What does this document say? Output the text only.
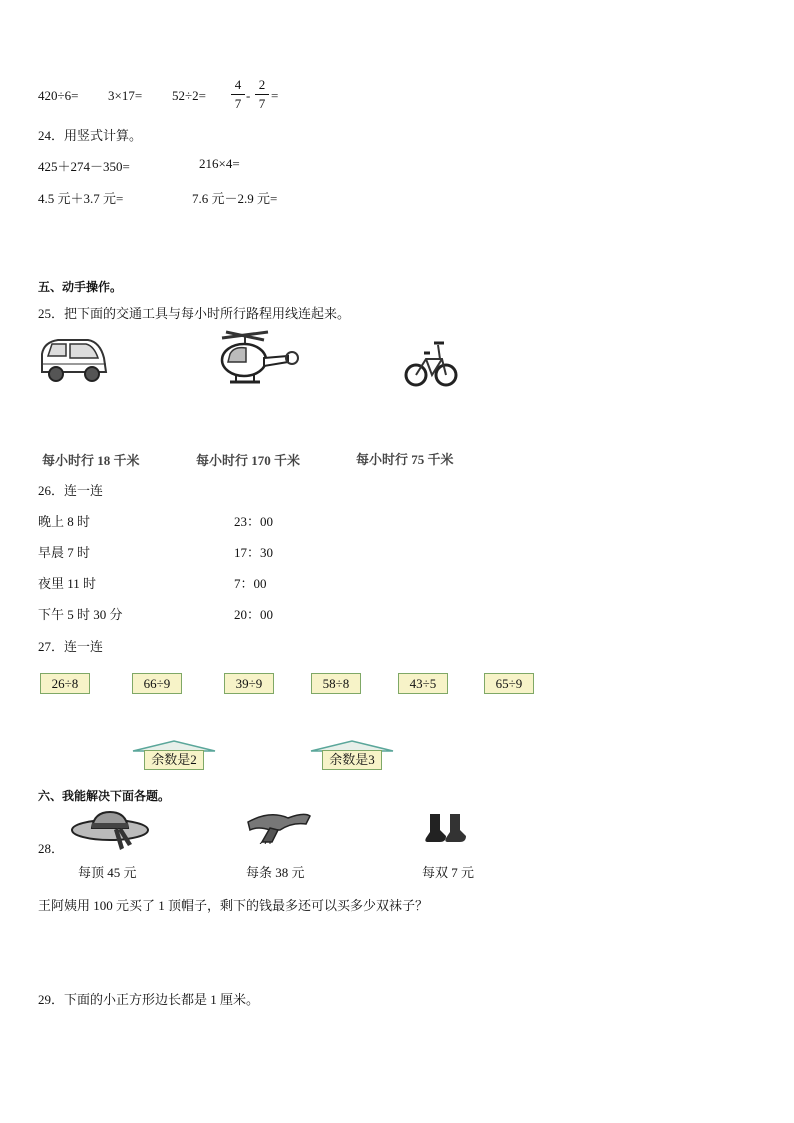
420÷6= 3×17= 52÷2=
4
7
-
2
7
=
24．用竖式计算。
425＋274－350=	216×4=
4.5 元＋3.7 元=	7.6 元－2.9 元=
五、动手操作。
25．把下面的交通工具与每小时所行路程用线连起来。
每小时行 18 千米	每小时行 170 千米	每小时行 75 千米
26．连一连
晚上 8 时
早晨 7 时
夜里 11 时
下午 5 时 30 分
23：00
17：30
7：00
20：00
27．连一连
26÷8	66÷9	39÷9	58÷8	43÷5	65÷9
余数是2	余数是3
六、我能解决下面各题。
28．
每顶 45 元	每条 38 元	每双 7 元
王阿姨用 100 元买了 1 顶帽子，剩下的钱最多还可以买多少双袜子？
29．下面的小正方形边长都是 1 厘米。
